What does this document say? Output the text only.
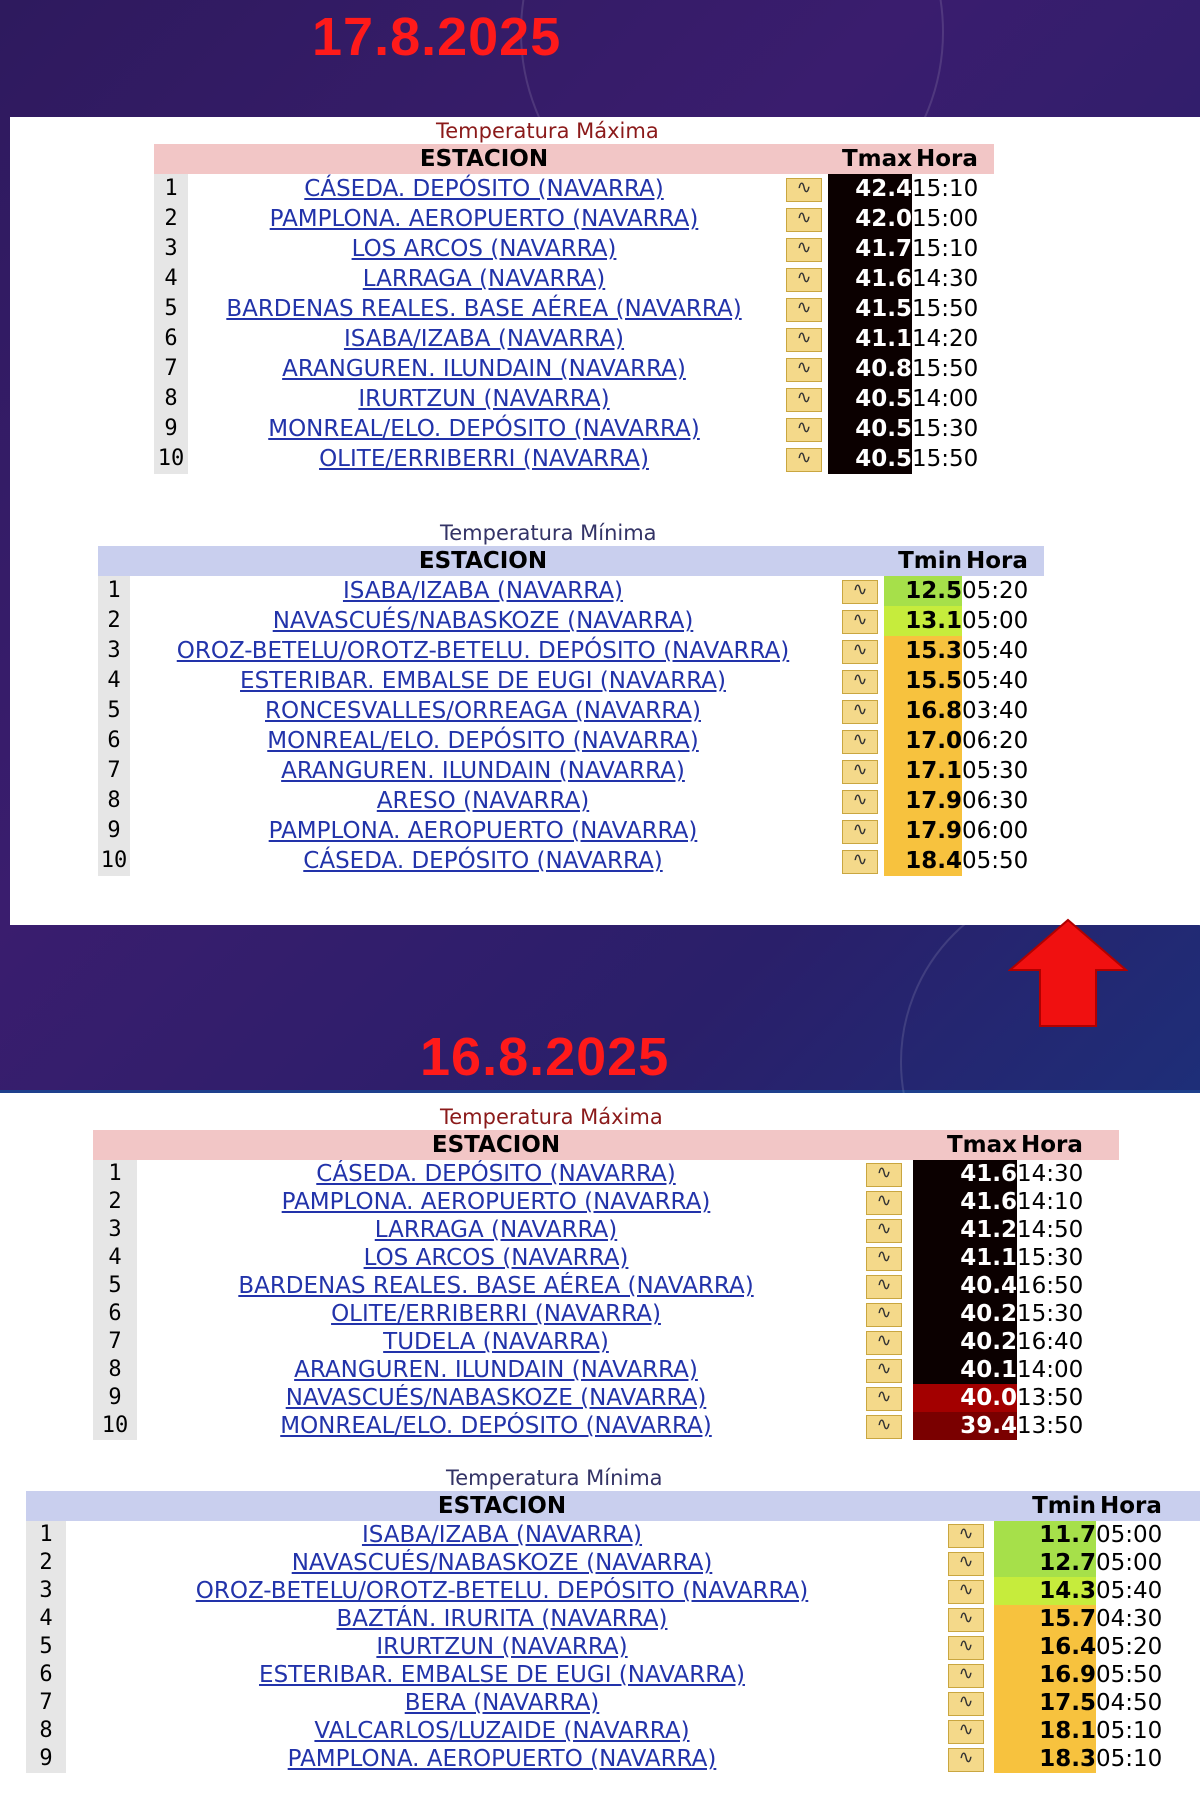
17.8.2025
Temperatura Máxima
	ESTACION		Tmax	Hora
1	CÁSEDA. DEPÓSITO (NAVARRA)	∿	42.4	15:10
2	PAMPLONA. AEROPUERTO (NAVARRA)	∿	42.0	15:00
3	LOS ARCOS (NAVARRA)	∿	41.7	15:10
4	LARRAGA (NAVARRA)	∿	41.6	14:30
5	BARDENAS REALES. BASE AÉREA (NAVARRA)	∿	41.5	15:50
6	ISABA/IZABA (NAVARRA)	∿	41.1	14:20
7	ARANGUREN. ILUNDAIN (NAVARRA)	∿	40.8	15:50
8	IRURTZUN (NAVARRA)	∿	40.5	14:00
9	MONREAL/ELO. DEPÓSITO (NAVARRA)	∿	40.5	15:30
10	OLITE/ERRIBERRI (NAVARRA)	∿	40.5	15:50
Temperatura Mínima
	ESTACION		Tmin	Hora
1	ISABA/IZABA (NAVARRA)	∿	12.5	05:20
2	NAVASCUÉS/NABASKOZE (NAVARRA)	∿	13.1	05:00
3	OROZ-BETELU/OROTZ-BETELU. DEPÓSITO (NAVARRA)	∿	15.3	05:40
4	ESTERIBAR. EMBALSE DE EUGI (NAVARRA)	∿	15.5	05:40
5	RONCESVALLES/ORREAGA (NAVARRA)	∿	16.8	03:40
6	MONREAL/ELO. DEPÓSITO (NAVARRA)	∿	17.0	06:20
7	ARANGUREN. ILUNDAIN (NAVARRA)	∿	17.1	05:30
8	ARESO (NAVARRA)	∿	17.9	06:30
9	PAMPLONA. AEROPUERTO (NAVARRA)	∿	17.9	06:00
10	CÁSEDA. DEPÓSITO (NAVARRA)	∿	18.4	05:50
16.8.2025
Temperatura Máxima
	ESTACION		Tmax	Hora
1	CÁSEDA. DEPÓSITO (NAVARRA)	∿	41.6	14:30
2	PAMPLONA. AEROPUERTO (NAVARRA)	∿	41.6	14:10
3	LARRAGA (NAVARRA)	∿	41.2	14:50
4	LOS ARCOS (NAVARRA)	∿	41.1	15:30
5	BARDENAS REALES. BASE AÉREA (NAVARRA)	∿	40.4	16:50
6	OLITE/ERRIBERRI (NAVARRA)	∿	40.2	15:30
7	TUDELA (NAVARRA)	∿	40.2	16:40
8	ARANGUREN. ILUNDAIN (NAVARRA)	∿	40.1	14:00
9	NAVASCUÉS/NABASKOZE (NAVARRA)	∿	40.0	13:50
10	MONREAL/ELO. DEPÓSITO (NAVARRA)	∿	39.4	13:50
Temperatura Mínima
	ESTACION		Tmin	Hora
1	ISABA/IZABA (NAVARRA)	∿	11.7	05:00
2	NAVASCUÉS/NABASKOZE (NAVARRA)	∿	12.7	05:00
3	OROZ-BETELU/OROTZ-BETELU. DEPÓSITO (NAVARRA)	∿	14.3	05:40
4	BAZTÁN. IRURITA (NAVARRA)	∿	15.7	04:30
5	IRURTZUN (NAVARRA)	∿	16.4	05:20
6	ESTERIBAR. EMBALSE DE EUGI (NAVARRA)	∿	16.9	05:50
7	BERA (NAVARRA)	∿	17.5	04:50
8	VALCARLOS/LUZAIDE (NAVARRA)	∿	18.1	05:10
9	PAMPLONA. AEROPUERTO (NAVARRA)	∿	18.3	05:10
